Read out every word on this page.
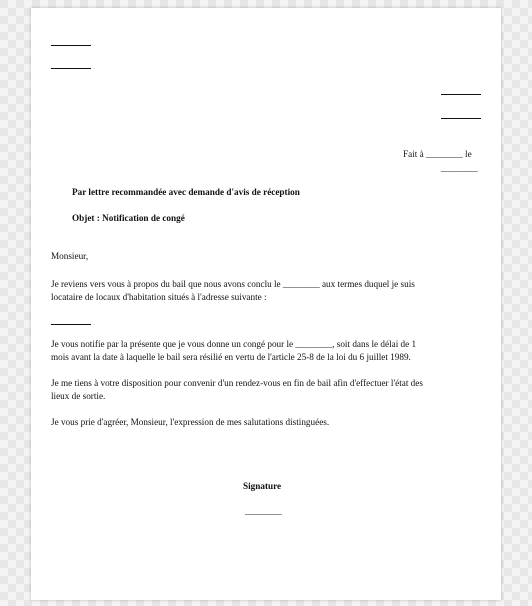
Fait à ________ le
________
Par lettre recommandée avec demande d'avis de réception
Objet : Notification de congé
Monsieur,
Je reviens vers vous à propos du bail que nous avons conclu le ________ aux termes duquel je suis
locataire de locaux d'habitation situés à l'adresse suivante :
Je vous notifie par la présente que je vous donne un congé pour le ________, soit dans le délai de 1
mois avant la date à laquelle le bail sera résilié en vertu de l'article 25-8 de la loi du 6 juillet 1989.
Je me tiens à votre disposition pour convenir d'un rendez-vous en fin de bail afin d'effectuer l'état des
lieux de sortie.
Je vous prie d'agréer, Monsieur, l'expression de mes salutations distinguées.
Signature
________
